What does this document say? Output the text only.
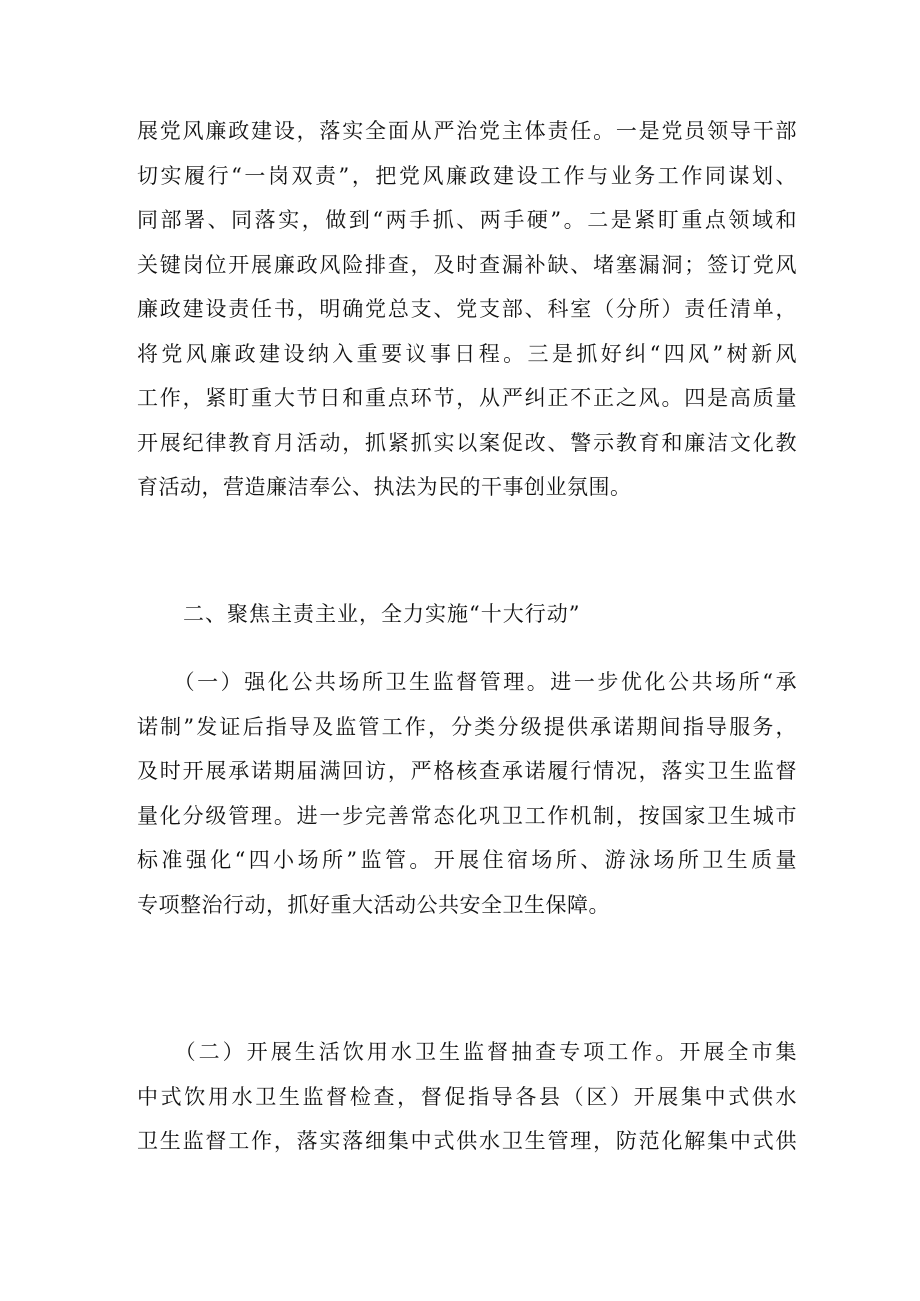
展党风廉政建设，落实全面从严治党主体责任。一是党员领导干部
切实履行“一岗双责”，把党风廉政建设工作与业务工作同谋划、
同部署、同落实，做到“两手抓、两手硬”。二是紧盯重点领域和
关键岗位开展廉政风险排查，及时查漏补缺、堵塞漏洞；签订党风
廉政建设责任书，明确党总支、党支部、科室（分所）责任清单，
将党风廉政建设纳入重要议事日程。三是抓好纠“四风”树新风
工作，紧盯重大节日和重点环节，从严纠正不正之风。四是高质量
开展纪律教育月活动，抓紧抓实以案促改、警示教育和廉洁文化教
育活动，营造廉洁奉公、执法为民的干事创业氛围。
二、聚焦主责主业，全力实施“十大行动”
　　（一）强化公共场所卫生监督管理。进一步优化公共场所“承
诺制”发证后指导及监管工作，分类分级提供承诺期间指导服务，
及时开展承诺期届满回访，严格核查承诺履行情况，落实卫生监督
量化分级管理。进一步完善常态化巩卫工作机制，按国家卫生城市
标准强化“四小场所”监管。开展住宿场所、游泳场所卫生质量
专项整治行动，抓好重大活动公共安全卫生保障。
　　（二）开展生活饮用水卫生监督抽查专项工作。开展全市集
中式饮用水卫生监督检查，督促指导各县（区）开展集中式供水
卫生监督工作，落实落细集中式供水卫生管理，防范化解集中式供
